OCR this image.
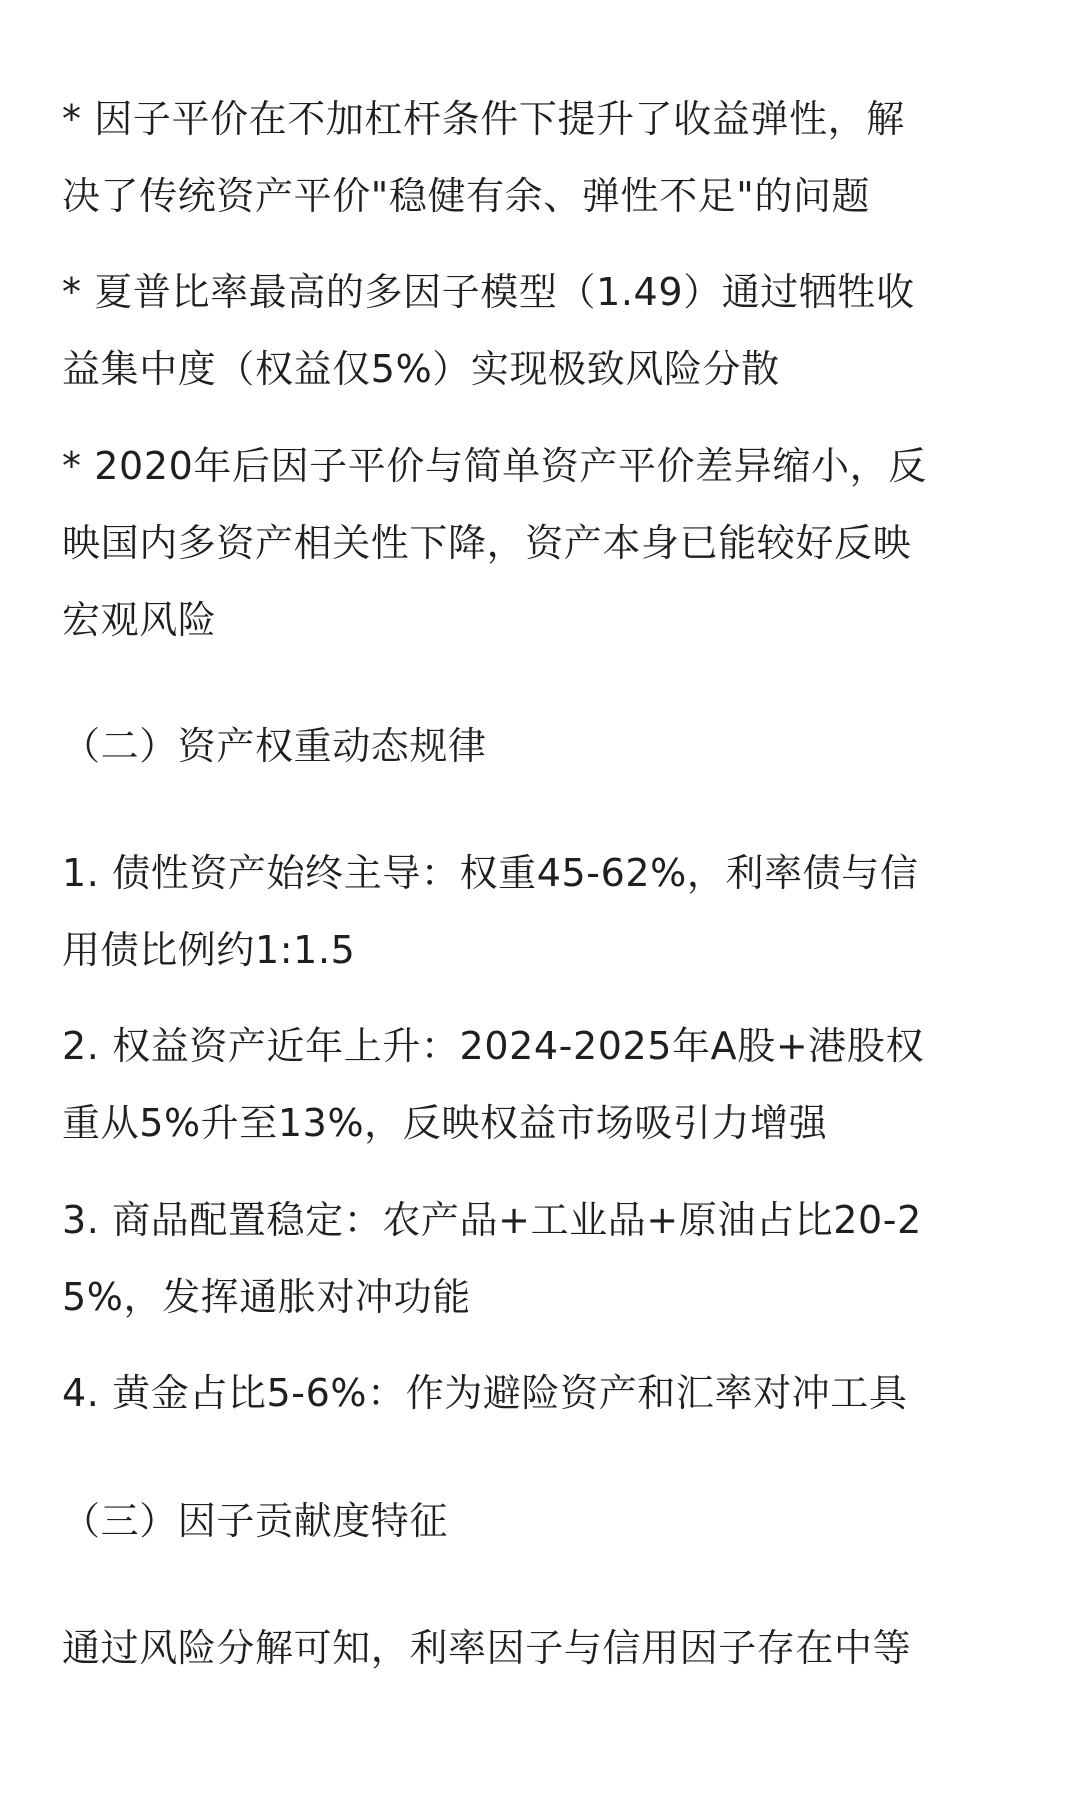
* 因子平价在不加杠杆条件下提升了收益弹性，解
决了传统资产平价"稳健有余、弹性不足"的问题

* 夏普比率最高的多因子模型（1.49）通过牺牲收
益集中度（权益仅5%）实现极致风险分散

* 2020年后因子平价与简单资产平价差异缩小，反
映国内多资产相关性下降，资产本身已能较好反映
宏观风险

（二）资产权重动态规律

1. 债性资产始终主导：权重45-62%，利率债与信
用债比例约1:1.5

2. 权益资产近年上升：2024-2025年A股+港股权
重从5%升至13%，反映权益市场吸引力增强

3. 商品配置稳定：农产品+工业品+原油占比20-2
5%，发挥通胀对冲功能

4. 黄金占比5-6%：作为避险资产和汇率对冲工具

（三）因子贡献度特征

通过风险分解可知，利率因子与信用因子存在中等
